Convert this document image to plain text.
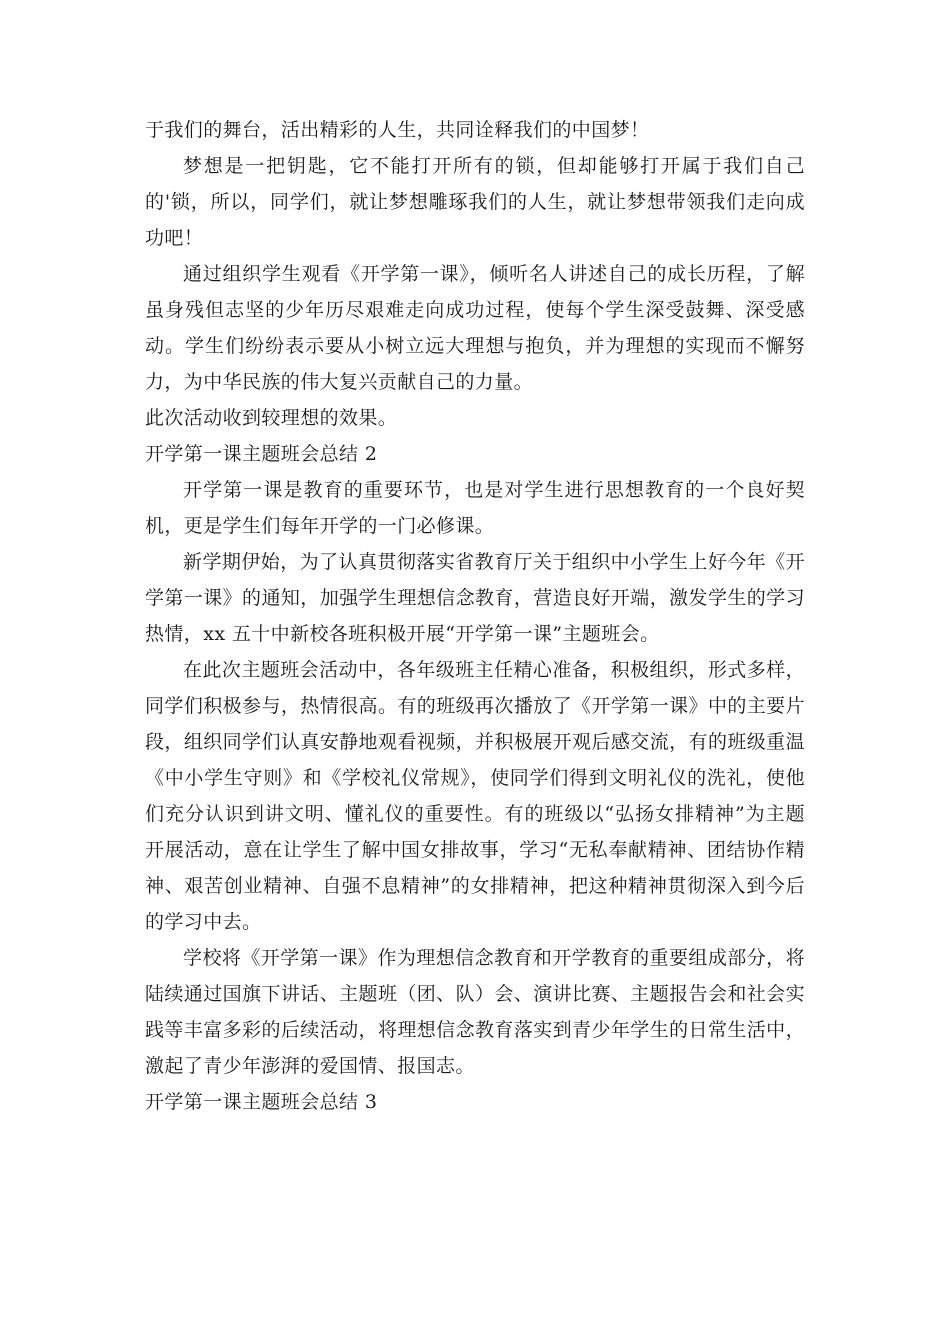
于我们的舞台，活出精彩的人生，共同诠释我们的中国梦！

梦想是一把钥匙，它不能打开所有的锁，但却能够打开属于我们自己的'锁，所以，同学们，就让梦想雕琢我们的人生，就让梦想带领我们走向成功吧！

通过组织学生观看《开学第一课》，倾听名人讲述自己的成长历程，了解虽身残但志坚的少年历尽艰难走向成功过程，使每个学生深受鼓舞、深受感动。学生们纷纷表示要从小树立远大理想与抱负，并为理想的实现而不懈努力，为中华民族的伟大复兴贡献自己的力量。

此次活动收到较理想的效果。

开学第一课主题班会总结 2

开学第一课是教育的重要环节，也是对学生进行思想教育的一个良好契机，更是学生们每年开学的一门必修课。

新学期伊始，为了认真贯彻落实省教育厅关于组织中小学生上好今年《开学第一课》的通知，加强学生理想信念教育，营造良好开端，激发学生的学习热情，xx 五十中新校各班积极开展“开学第一课”主题班会。

在此次主题班会活动中，各年级班主任精心准备，积极组织，形式多样，同学们积极参与，热情很高。有的班级再次播放了《开学第一课》中的主要片段，组织同学们认真安静地观看视频，并积极展开观后感交流，有的班级重温《中小学生守则》和《学校礼仪常规》，使同学们得到文明礼仪的洗礼，使他们充分认识到讲文明、懂礼仪的重要性。有的班级以“弘扬女排精神”为主题开展活动，意在让学生了解中国女排故事，学习“无私奉献精神、团结协作精神、艰苦创业精神、自强不息精神”的女排精神，把这种精神贯彻深入到今后的学习中去。

学校将《开学第一课》作为理想信念教育和开学教育的重要组成部分，将陆续通过国旗下讲话、主题班（团、队）会、演讲比赛、主题报告会和社会实践等丰富多彩的后续活动，将理想信念教育落实到青少年学生的日常生活中，激起了青少年澎湃的爱国情、报国志。

开学第一课主题班会总结 3
